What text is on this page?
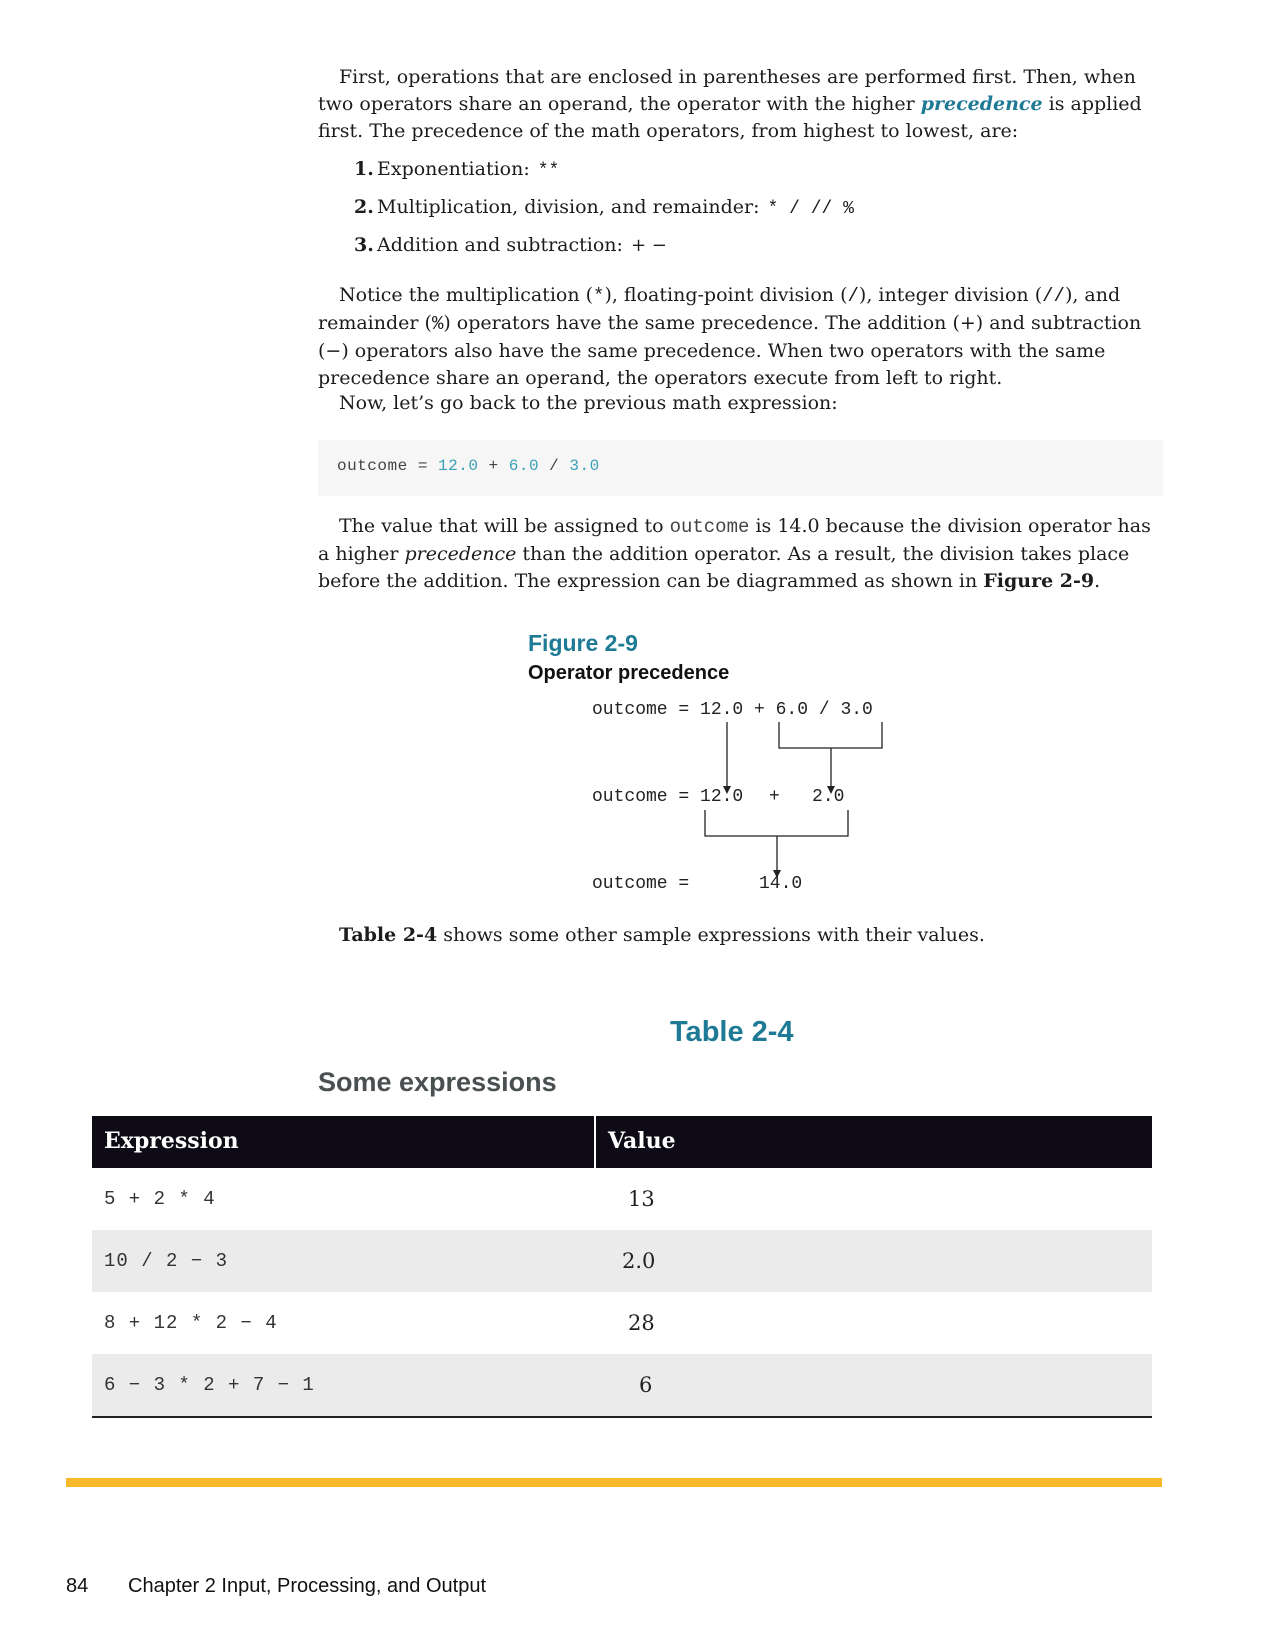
First, operations that are enclosed in parentheses are performed first. Then, when two operators share an operand, the operator with the higher precedence is applied first. The precedence of the math operators, from highest to lowest, are:

1. Exponentiation: **
2. Multiplication, division, and remainder: * / // %
3. Addition and subtraction: + −

Notice the multiplication (*), floating-point division (/), integer division (//), and remainder (%) operators have the same precedence. The addition (+) and subtraction (−) operators also have the same precedence. When two operators with the same precedence share an operand, the operators execute from left to right.

Now, let’s go back to the previous math expression:

outcome = 12.0 + 6.0 / 3.0

The value that will be assigned to outcome is 14.0 because the division operator has a higher precedence than the addition operator. As a result, the division takes place before the addition. The expression can be diagrammed as shown in Figure 2-9.

Figure 2-9
Operator precedence
outcome = 12.0 + 6.0 / 3.0
outcome = 12.0 + 2.0
outcome =	14.0

Table 2-4 shows some other sample expressions with their values.

Table 2-4
Some expressions
Expression	Value
5 + 2 * 4	13
10 / 2 − 3	2.0
8 + 12 * 2 − 4	28
6 − 3 * 2 + 7 − 1	6
84 Chapter 2 Input, Processing, and Output
